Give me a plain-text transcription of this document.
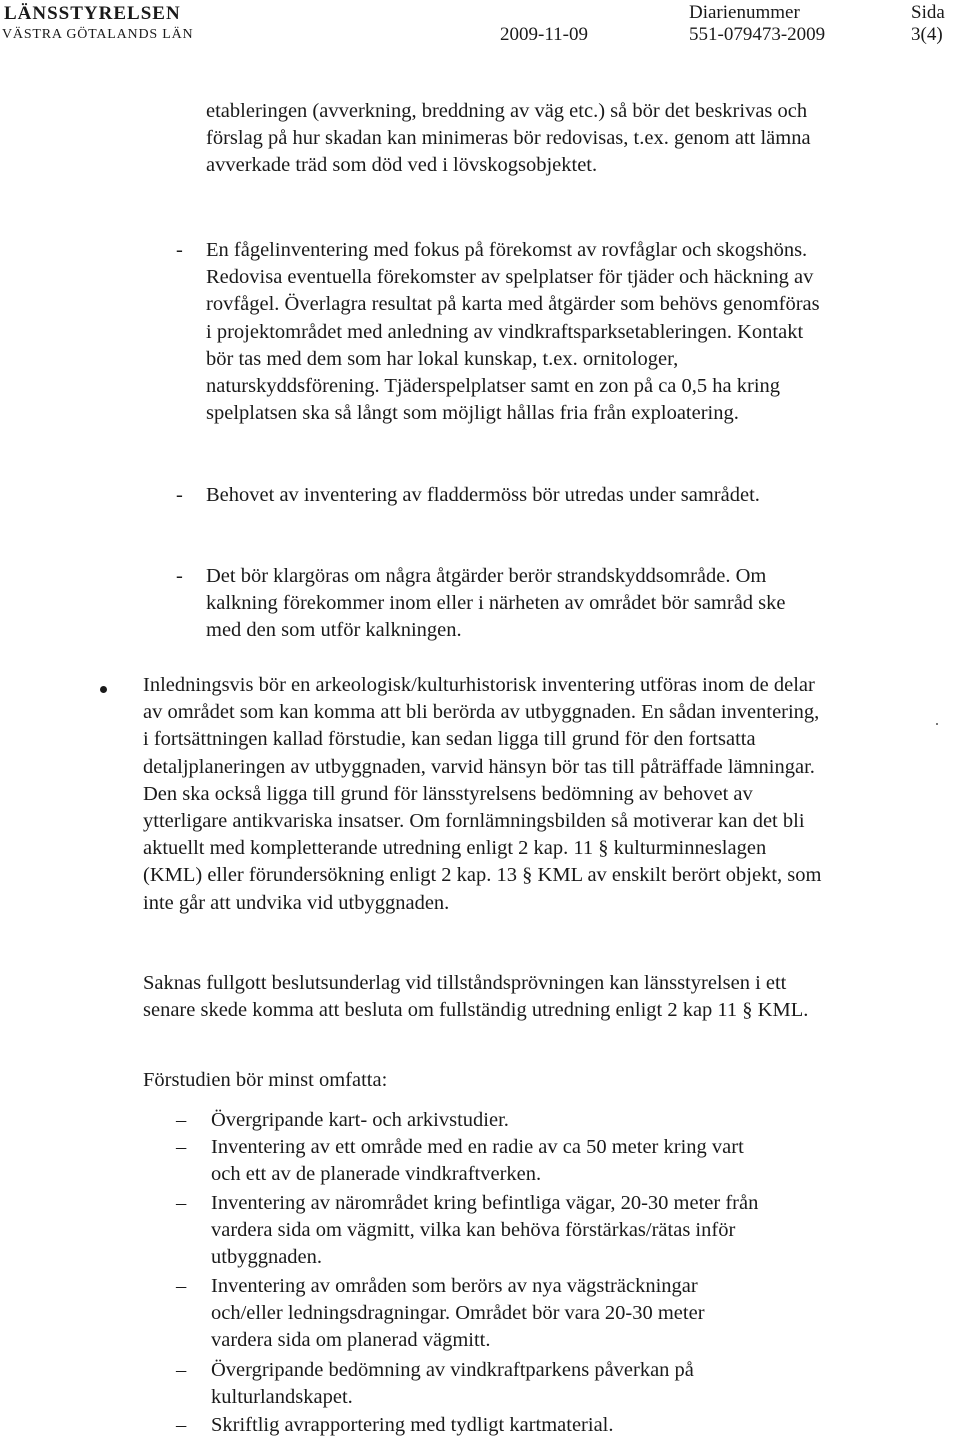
LÄNSSTYRELSEN
VÄSTRA GÖTALANDS LÄN	2009-11-09
Diarienummer
551-079473-2009
Sida
3(4)

etableringen (avverkning, breddning av väg etc.) så bör det beskrivas och förslag på hur skadan kan minimeras bör redovisas, t.ex. genom att lämna avverkade träd som död ved i lövskogsobjektet.

- En fågelinventering med fokus på förekomst av rovfåglar och skogshöns. Redovisa eventuella förekomster av spelplatser för tjäder och häckning av rovfågel. Överlagra resultat på karta med åtgärder som behövs genomföras i projektområdet med anledning av vindkraftsparksetableringen. Kontakt bör tas med dem som har lokal kunskap, t.ex. ornitologer, naturskyddsförening. Tjäderspelplatser samt en zon på ca 0,5 ha kring spelplatsen ska så långt som möjligt hållas fria från exploatering.

- Behovet av inventering av fladdermöss bör utredas under samrådet.

- Det bör klargöras om några åtgärder berör strandskyddsområde. Om kalkning förekommer inom eller i närheten av området bör samråd ske med den som utför kalkningen.

Inledningsvis bör en arkeologisk/kulturhistorisk inventering utföras inom de delar av området som kan komma att bli berörda av utbyggnaden. En sådan inventering, i fortsättningen kallad förstudie, kan sedan ligga till grund för den fortsatta detaljplaneringen av utbyggnaden, varvid hänsyn bör tas till påträffade lämningar. Den ska också ligga till grund för länsstyrelsens bedömning av behovet av ytterligare antikvariska insatser. Om fornlämningsbilden så motiverar kan det bli aktuellt med kompletterande utredning enligt 2 kap. 11 § kulturminneslagen (KML) eller förundersökning enligt 2 kap. 13 § KML av enskilt berört objekt, som inte går att undvika vid utbyggnaden.

Saknas fullgott beslutsunderlag vid tillståndsprövningen kan länsstyrelsen i ett senare skede komma att besluta om fullständig utredning enligt 2 kap 11 § KML.

Förstudien bör minst omfatta:

– Övergripande kart- och arkivstudier.

– Inventering av ett område med en radie av ca 50 meter kring vart och ett av de planerade vindkraftverken.

– Inventering av närområdet kring befintliga vägar, 20-30 meter från vardera sida om vägmitt, vilka kan behöva förstärkas/rätas inför utbyggnaden.

– Inventering av områden som berörs av nya vägsträckningar och/eller ledningsdragningar. Området bör vara 20-30 meter vardera sida om planerad vägmitt.

– Övergripande bedömning av vindkraftparkens påverkan på kulturlandskapet.

– Skriftlig avrapportering med tydligt kartmaterial.
